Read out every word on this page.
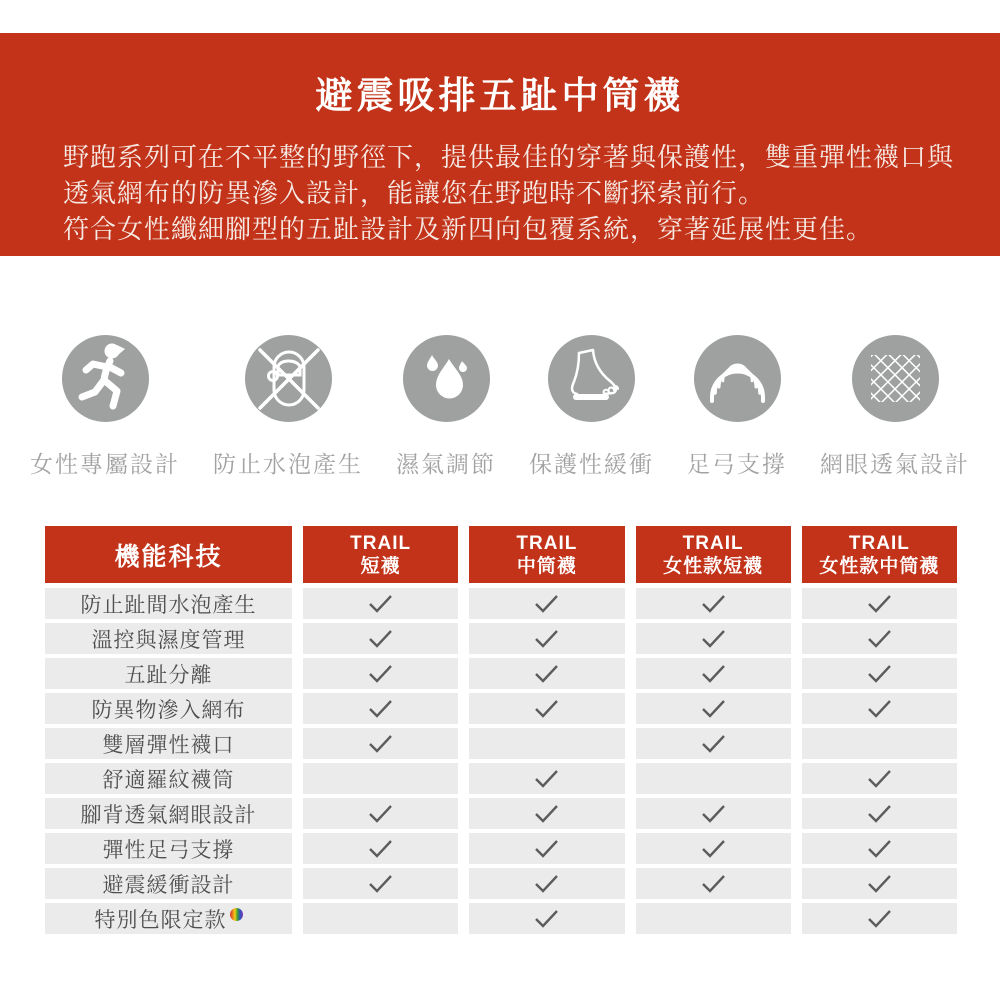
避震吸排五趾中筒襪
野跑系列可在不平整的野徑下，提供最佳的穿著與保護性，雙重彈性襪口與
透氣網布的防異滲入設計，能讓您在野跑時不斷探索前行。
符合女性纖細腳型的五趾設計及新四向包覆系統，穿著延展性更佳。
女性專屬設計 防止水泡產生 濕氣調節 保護性緩衝 足弓支撐 網眼透氣設計
機能科技	TRAIL
短襪
TRAIL
中筒襪
TRAIL
女性款短襪
TRAIL
女性款中筒襪
防止趾間水泡產生
溫控與濕度管理
五趾分離
防異物滲入網布
雙層彈性襪口
舒適羅紋襪筒
腳背透氣網眼設計
彈性足弓支撐
避震緩衝設計
特別色限定款
